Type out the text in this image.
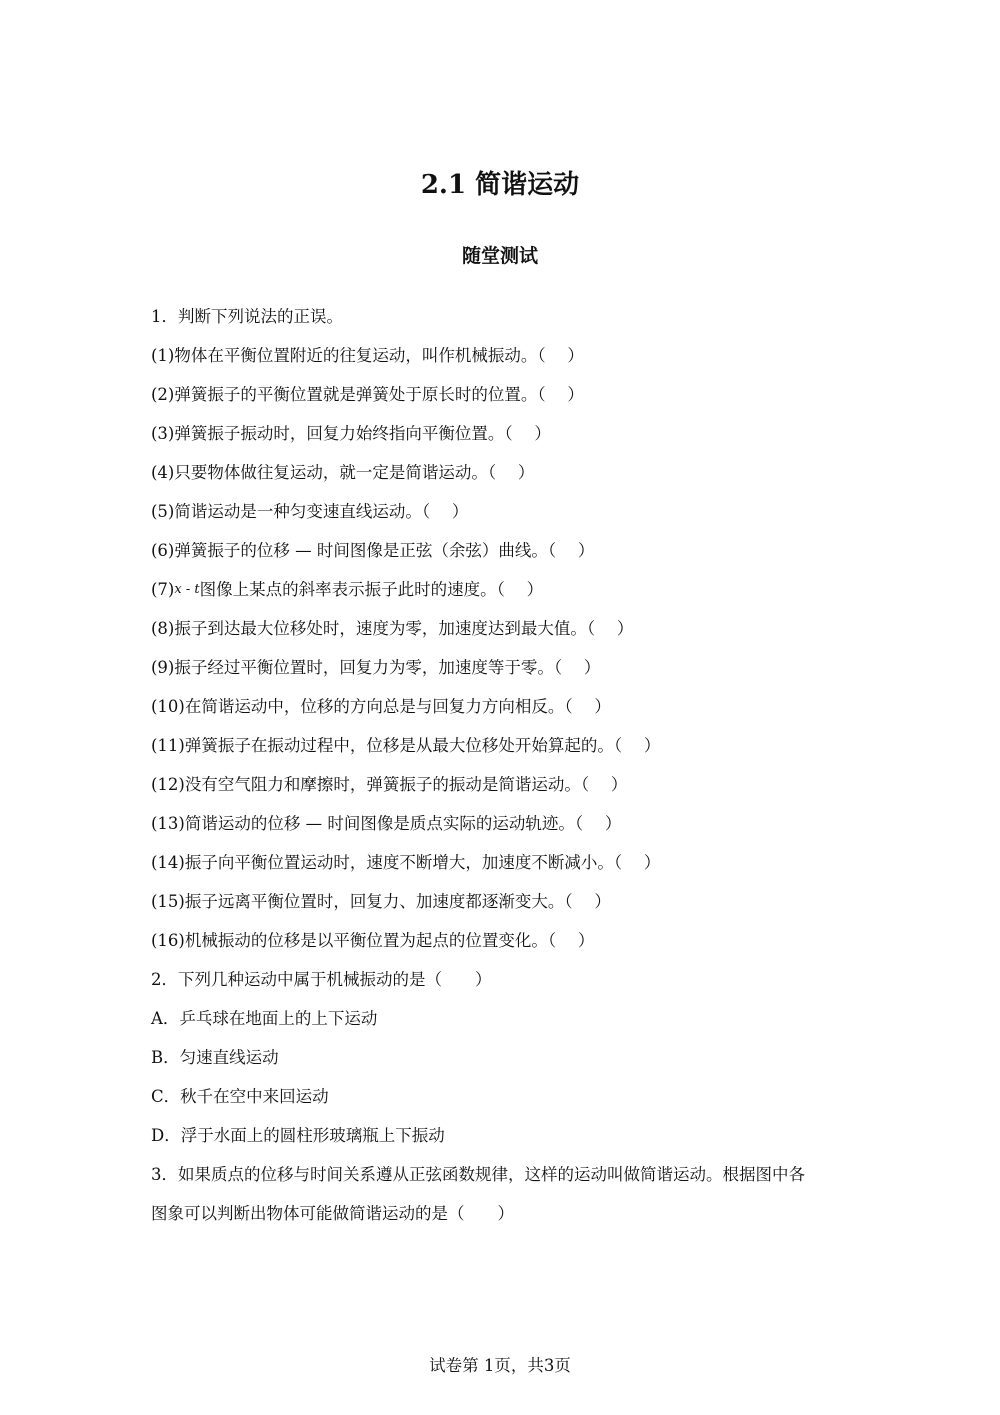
2.1 简谐运动
随堂测试
1．判断下列说法的正误。
(1)物体在平衡位置附近的往复运动，叫作机械振动。（　 ）
(2)弹簧振子的平衡位置就是弹簧处于原长时的位置。（　 ）
(3)弹簧振子振动时，回复力始终指向平衡位置。（　 ）
(4)只要物体做往复运动，就一定是简谐运动。（　 ）
(5)简谐运动是一种匀变速直线运动。（　 ）
(6)弹簧振子的位移 — 时间图像是正弦（余弦）曲线。（　 ）
(7)x - t图像上某点的斜率表示振子此时的速度。（　 ）
(8)振子到达最大位移处时，速度为零，加速度达到最大值。（　 ）
(9)振子经过平衡位置时，回复力为零，加速度等于零。（　 ）
(10)在简谐运动中，位移的方向总是与回复力方向相反。（　 ）
(11)弹簧振子在振动过程中，位移是从最大位移处开始算起的。（　 ）
(12)没有空气阻力和摩擦时，弹簧振子的振动是简谐运动。（　 ）
(13)简谐运动的位移 — 时间图像是质点实际的运动轨迹。（　 ）
(14)振子向平衡位置运动时，速度不断增大，加速度不断减小。（　 ）
(15)振子远离平衡位置时，回复力、加速度都逐渐变大。（　 ）
(16)机械振动的位移是以平衡位置为起点的位置变化。（　 ）
2．下列几种运动中属于机械振动的是（　　）
A．乒乓球在地面上的上下运动
B．匀速直线运动
C．秋千在空中来回运动
D．浮于水面上的圆柱形玻璃瓶上下振动
3．如果质点的位移与时间关系遵从正弦函数规律，这样的运动叫做简谐运动。根据图中各
图象可以判断出物体可能做简谐运动的是（　　）
试卷第 1页，共3页
